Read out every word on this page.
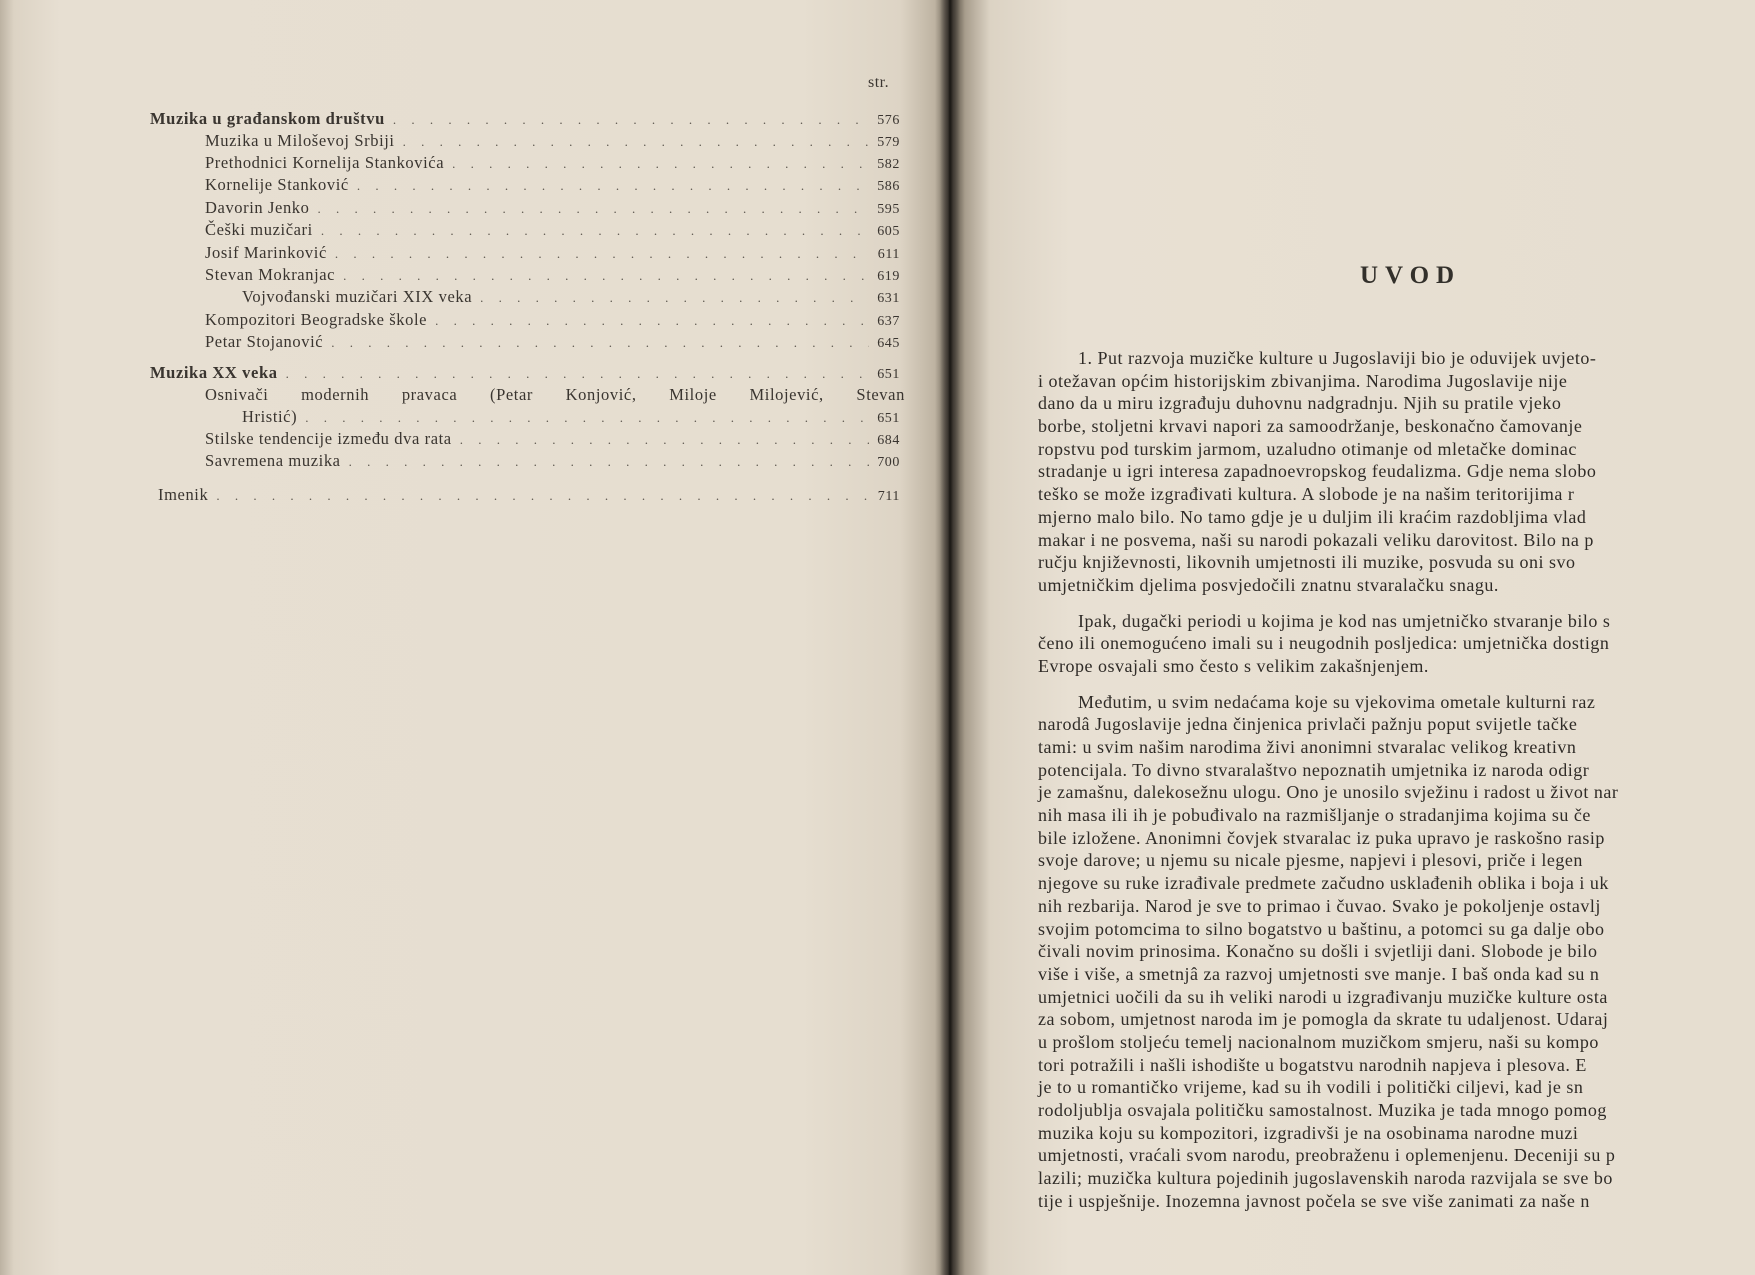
str.
Muzika u građanskom društvu . . .	576
Muzika u Miloševoj Srbiji . . .	579
Prethodnici Kornelija Stankovića . . .	582
Kornelije Stanković . . .	586
Davorin Jenko . . .	595
Češki muzičari . . .	605
Josif Marinković . . .	611
Stevan Mokranjac . . .	619
Vojvođanski muzičari XIX veka . . .	631
Kompozitori Beogradske škole . . .	637
Petar Stojanović . . .	645
Muzika XX veka . . .	651
Osnivači modernih pravaca (Petar Konjović, Miloje Milojević, Stevan
Hristić) . . .	651
Stilske tendencije između dva rata . . .	684
Savremena muzika . . .	700
Imenik . . .	711
UVOD
1. Put razvoja muzičke kulture u Jugoslaviji bio je oduvijek uvjeto-
i otežavan općim historijskim zbivanjima. Narodima Jugoslavije nije
dano da u miru izgrađuju duhovnu nadgradnju. Njih su pratile vjeko
borbe, stoljetni krvavi napori za samoodržanje, beskonačno čamovanje
ropstvu pod turskim jarmom, uzaludno otimanje od mletačke dominac
stradanje u igri interesa zapadnoevropskog feudalizma. Gdje nema slobo
teško se može izgrađivati kultura. A slobode je na našim teritorijima r
mjerno malo bilo. No tamo gdje je u duljim ili kraćim razdobljima vlad
makar i ne posvema, naši su narodi pokazali veliku darovitost. Bilo na p
ručju književnosti, likovnih umjetnosti ili muzike, posvuda su oni svo
umjetničkim djelima posvjedočili znatnu stvaralačku snagu.
Ipak, dugački periodi u kojima je kod nas umjetničko stvaranje bilo s
čeno ili onemogućeno imali su i neugodnih posljedica: umjetnička dostign
Evrope osvajali smo često s velikim zakašnjenjem.
Međutim, u svim nedaćama koje su vjekovima ometale kulturni raz
narodâ Jugoslavije jedna činjenica privlači pažnju poput svijetle tačke
tami: u svim našim narodima živi anonimni stvaralac velikog kreativn
potencijala. To divno stvaralaštvo nepoznatih umjetnika iz naroda odigr
je zamašnu, dalekosežnu ulogu. Ono je unosilo svježinu i radost u život nar
nih masa ili ih je pobuđivalo na razmišljanje o stradanjima kojima su če
bile izložene. Anonimni čovjek stvaralac iz puka upravo je raskošno rasip
svoje darove; u njemu su nicale pjesme, napjevi i plesovi, priče i legen
njegove su ruke izrađivale predmete začudno usklađenih oblika i boja i uk
nih rezbarija. Narod je sve to primao i čuvao. Svako je pokoljenje ostavlj
svojim potomcima to silno bogatstvo u baštinu, a potomci su ga dalje obo
čivali novim prinosima. Konačno su došli i svjetliji dani. Slobode je bilo
više i više, a smetnjâ za razvoj umjetnosti sve manje. I baš onda kad su n
umjetnici uočili da su ih veliki narodi u izgrađivanju muzičke kulture osta
za sobom, umjetnost naroda im je pomogla da skrate tu udaljenost. Udaraj
u prošlom stoljeću temelj nacionalnom muzičkom smjeru, naši su kompo
tori potražili i našli ishodište u bogatstvu narodnih napjeva i plesova. E
je to u romantičko vrijeme, kad su ih vodili i politički ciljevi, kad je sn
rodoljublja osvajala političku samostalnost. Muzika je tada mnogo pomog
muzika koju su kompozitori, izgradivši je na osobinama narodne muzi
umjetnosti, vraćali svom narodu, preobraženu i oplemenjenu. Deceniji su p
lazili; muzička kultura pojedinih jugoslavenskih naroda razvijala se sve bo
tije i uspješnije. Inozemna javnost počela se sve više zanimati za naše n
